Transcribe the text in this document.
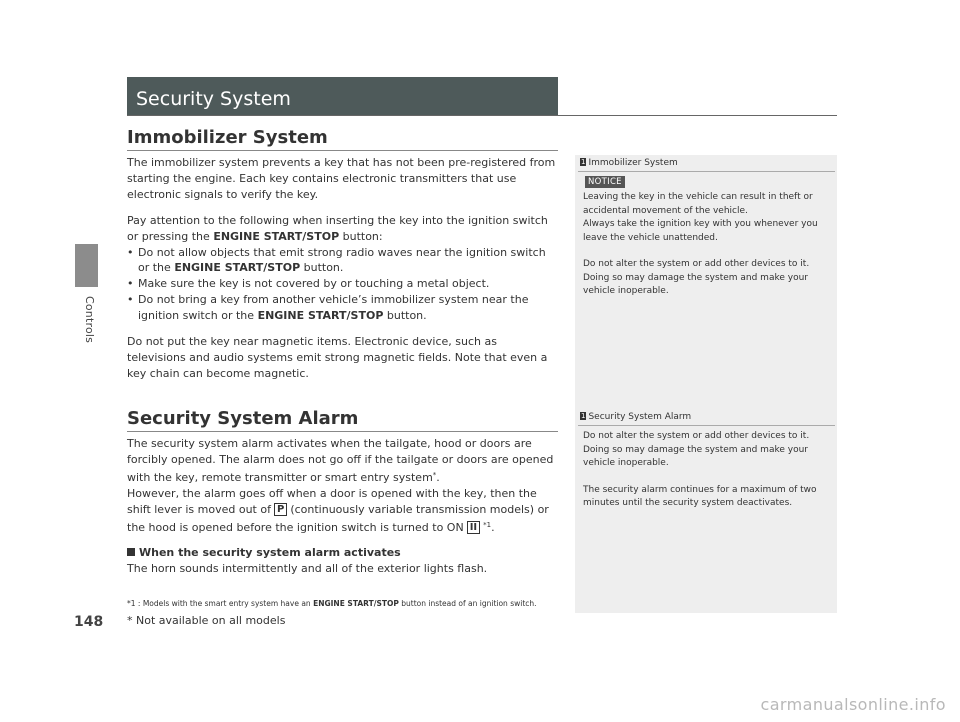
Controls
148
Security System
Immobilizer System

The immobilizer system prevents a key that has not been pre-registered from starting the engine. Each key contains electronic transmitters that use electronic signals to verify the key.

Pay attention to the following when inserting the key into the ignition switch or pressing the ENGINE START/STOP button:

• Do not allow objects that emit strong radio waves near the ignition switch or the ENGINE START/STOP button.

• Make sure the key is not covered by or touching a metal object.

• Do not bring a key from another vehicle’s immobilizer system near the ignition switch or the ENGINE START/STOP button.

Do not put the key near magnetic items. Electronic device, such as televisions and audio systems emit strong magnetic fields. Note that even a key chain can become magnetic.

Security System Alarm

The security system alarm activates when the tailgate, hood or doors are forcibly opened. The alarm does not go off if the tailgate or doors are opened with the key, remote transmitter or smart entry system*.

However, the alarm goes off when a door is opened with the key, then the shift lever is moved out of P (continuously variable transmission models) or the hood is opened before the ignition switch is turned to ON II $^{*1}$.

When the security system alarm activates

The horn sounds intermittently and all of the exterior lights flash.

*1 : Models with the smart entry system have an ENGINE START/STOP button instead of an ignition switch.
1 Immobilizer System
NOTICE

Leaving the key in the vehicle can result in theft or accidental movement of the vehicle.

Always take the ignition key with you whenever you leave the vehicle unattended.

Do not alter the system or add other devices to it. Doing so may damage the system and make your vehicle inoperable.

1 Security System Alarm

Do not alter the system or add other devices to it. Doing so may damage the system and make your vehicle inoperable.

The security alarm continues for a maximum of two minutes until the security system deactivates.

* Not available on all models
carmanualsonline.info
